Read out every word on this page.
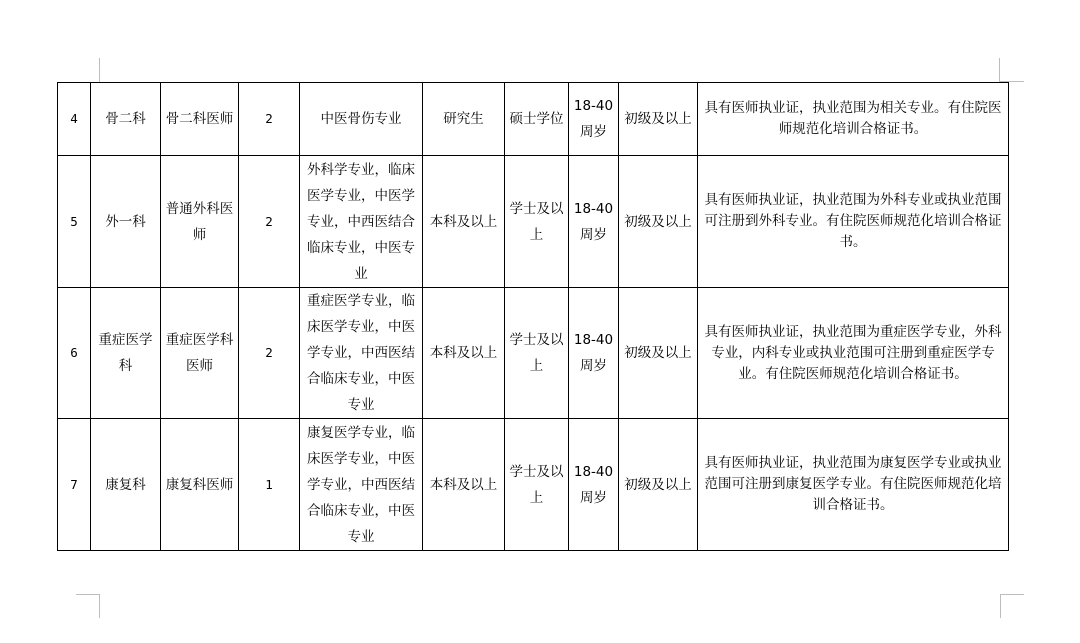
4	骨二科	骨二科医师	2	中医骨伤专业	研究生	硕士学位	18-40周岁	初级及以上	具有医师执业证，执业范围为相关专业。有住院医师规范化培训合格证书。
5	外一科	普通外科医师	2	外科学专业，临床医学专业，中医学专业，中西医结合临床专业，中医专业	本科及以上	学士及以上	18-40周岁	初级及以上	具有医师执业证，执业范围为外科专业或执业范围可注册到外科专业。有住院医师规范化培训合格证书。
6	重症医学科	重症医学科医师	2	重症医学专业，临床医学专业，中医学专业，中西医结合临床专业，中医专业	本科及以上	学士及以上	18-40周岁	初级及以上	具有医师执业证，执业范围为重症医学专业，外科专业，内科专业或执业范围可注册到重症医学专业。有住院医师规范化培训合格证书。
7	康复科	康复科医师	1	康复医学专业，临床医学专业，中医学专业，中西医结合临床专业，中医专业	本科及以上	学士及以上	18-40周岁	初级及以上	具有医师执业证，执业范围为康复医学专业或执业范围可注册到康复医学专业。有住院医师规范化培训合格证书。
